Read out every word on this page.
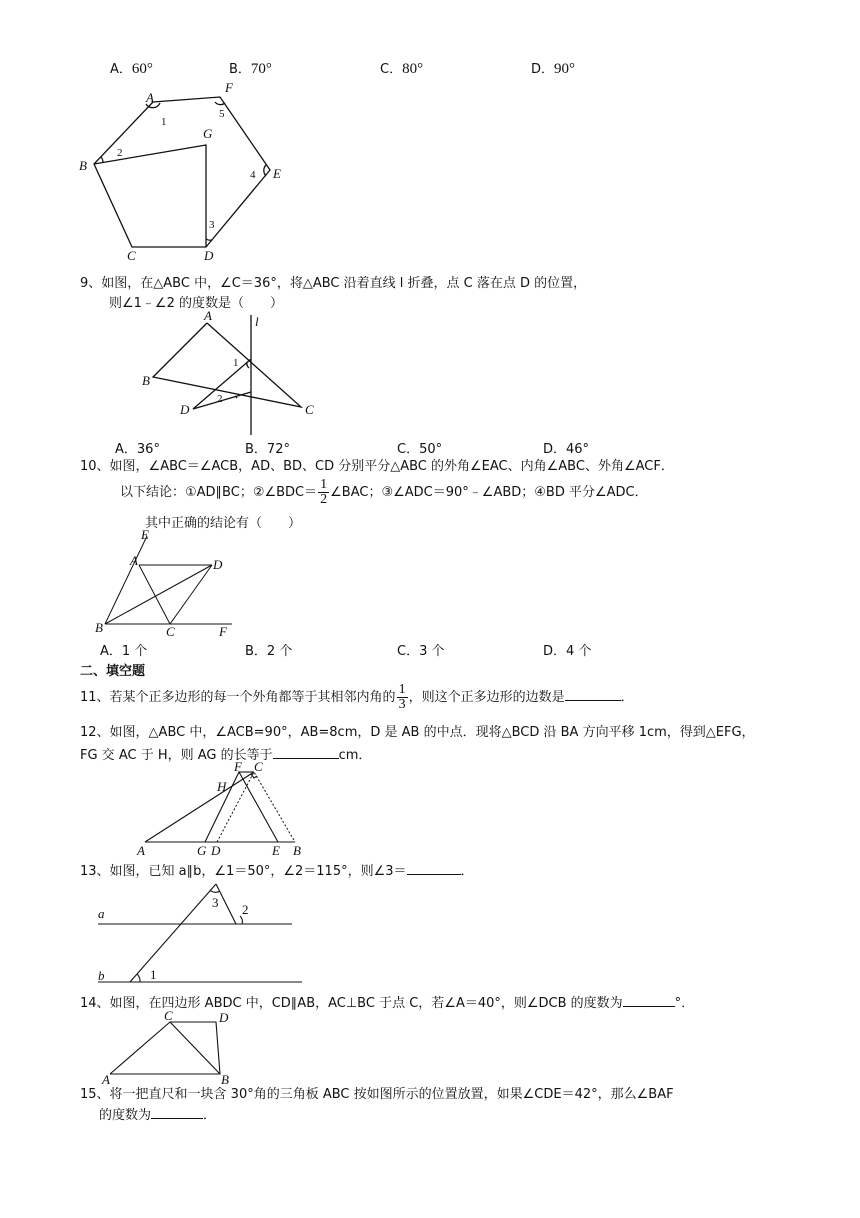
A．60°	B．70°	C．80°	D．90°
A
F
G
B
E
C	D
1
2
3
4
5
9、如图，在△ABC 中，∠C＝36°，将△ABC 沿着直线 l 折叠，点 C 落在点 D 的位置，
则∠1﹣∠2 的度数是（　　）
A	l
B
D	C
1
2
A．36°	B．72°	C．50°	D．46°
10、如图，∠ABC＝∠ACB，AD、BD、CD 分别平分△ABC 的外角∠EAC、内角∠ABC、外角∠ACF．
以下结论：①AD∥BC；②∠BDC＝ $\frac{1}{2}$ ∠BAC；③∠ADC＝90°﹣∠ABD；④BD 平分∠ADC．
其中正确的结论有（　　）
E
A	D
B	C	F
A．1 个	B．2 个	C．3 个	D．4 个
二、填空题
11、若某个正多边形的每一个外角都等于其相邻内角的 $\frac{1}{3}$ ，则这个正多边形的边数是	．
12、如图，△ABC 中，∠ACB=90°，AB=8cm，D 是 AB 的中点．现将△BCD 沿 BA 方向平移 1cm，得到△EFG，
FG 交 AC 于 H，则 AG 的长等于	cm．
F C
H
A	G D	E B
13、如图，已知 a∥b，∠1＝50°，∠2＝115°，则∠3＝	．
a
b	1
2
3
14、如图，在四边形 ABDC 中，CD∥AB，AC⊥BC 于点 C，若∠A＝40°，则∠DCB 的度数为	°．
C	D
A	B
15、将一把直尺和一块含 30°角的三角板 ABC 按如图所示的位置放置，如果∠CDE＝42°，那么∠BAF
的度数为	．
